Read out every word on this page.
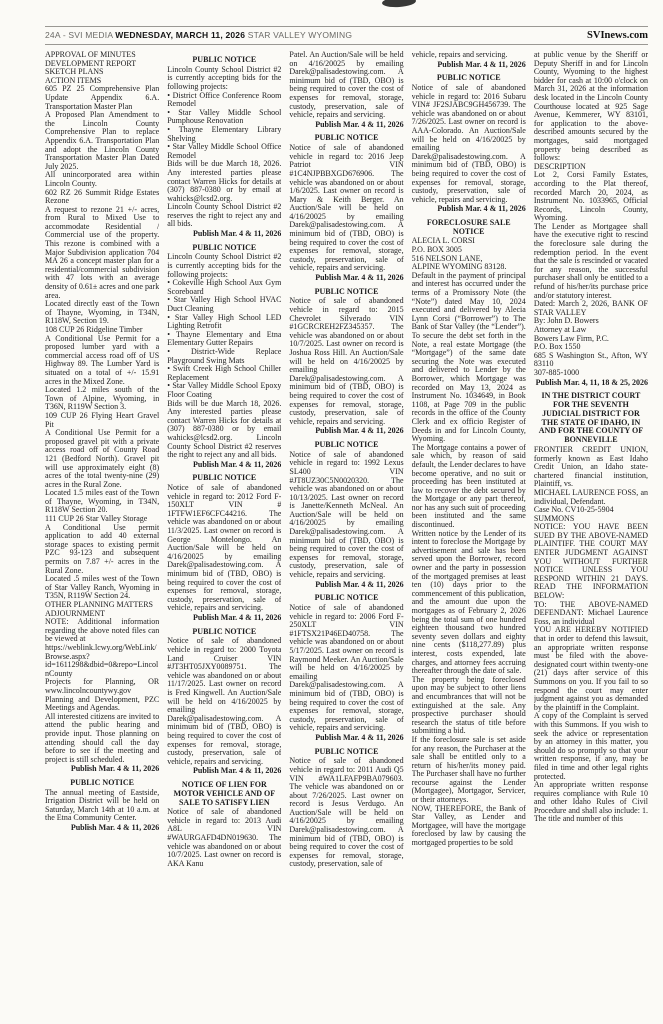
24A - SVI MEDIA WEDNESDAY, MARCH 11, 2026 STAR VALLEY WYOMING	SVInews.com
APPROVAL OF MINUTES
DEVELOPMENT REPORT
SKETCH PLANS
ACTION ITEMS
605 PZ 25 Comprehensive Plan Update Appendix 6.A. Transportation Master Plan
A Proposed Plan Amendment to the Lincoln County Comprehensive Plan to replace Appendix 6.A. Transportation Plan and adopt the Lincoln County Transportation Master Plan Dated July 2025.
All unincorporated area within Lincoln County.
602 RZ 26 Summit Ridge Estates Rezone
A request to rezone 21 +/- acres, from Rural to Mixed Use to accommodate Residential / Commercial use of the property. This rezone is combined with a Major Subdivision application 704 MA 26 a concept master plan for a residential/commercial subdivision with 47 lots with an average density of 0.61± acres and one park area.
Located directly east of the Town of Thayne, Wyoming, in T34N, R118W, Section 19.
108 CUP 26 Ridgeline Timber
A Conditional Use Permit for a proposed lumber yard with a commercial access road off of US Highway 89. The Lumber Yard is situated on a total of +/- 15.91 acres in the Mixed Zone.
Located 1.2 miles south of the Town of Alpine, Wyoming, in T36N, R119W Section 3.
109 CUP 26 Flying Heart Gravel Pit
A Conditional Use Permit for a proposed gravel pit with a private access road off of County Road 121 (Bedford North). Gravel pit will use approximately eight (8) acres of the total twenty-nine (29) acres in the Rural Zone.
Located 1.5 miles east of the Town of Thayne, Wyoming, in T34N, R118W Section 20.
111 CUP 26 Star Valley Storage
A Conditional Use permit application to add 40 external storage spaces to existing permit PZC 93-123 and subsequent permits on 7.87 +/- acres in the Rural Zone.
Located .5 miles west of the Town of Star Valley Ranch, Wyoming in T35N, R119W Section 24.
OTHER PLANNING MATTERS
ADJOURNMENT
NOTE: Additional information regarding the above noted files can be viewed at
https://weblink.lcwy.org/WebLink/Browse.aspx?id=1611298&dbid=0&repo=LincolnCounty
Projects for Planning, OR www.lincolncountywy.gov Planning and Development, PZC Meetings and Agendas.
All interested citizens are invited to attend the public hearing and provide input. Those planning on attending should call the day before to see if the meeting and project is still scheduled.
Publish Mar. 4 & 11, 2026
PUBLIC NOTICE
The annual meeting of Eastside, Irrigation District will be held on Saturday, March 14th at 10 a.m. at the Etna Community Center.
Publish Mar. 4 & 11, 2026
PUBLIC NOTICE
Lincoln County School District #2 is currently accepting bids for the following projects:
• District Office Conference Room Remodel
• Star Valley Middle School Pumphouse Renovation
• Thayne Elementary Library Shelving
• Star Valley Middle School Office Remodel
Bids will be due March 18, 2026. Any interested parties please contact Warren Hicks for details at (307) 887-0380 or by email at wahicks@lcsd2.org.
Lincoln County School District #2 reserves the right to reject any and all bids.
Publish Mar. 4 & 11, 2026
PUBLIC NOTICE
Lincoln County School District #2 is currently accepting bids for the following projects:
• Cokeville High School Aux Gym Scoreboard
• Star Valley High School HVAC Duct Cleaning
• Star Valley High School LED Lighting Retrofit
• Thayne Elementary and Etna Elementary Gutter Repairs
• District-Wide Replace Playground Swing Mats
• Swift Creek High School Chiller Replacement
• Star Valley Middle School Epoxy Floor Coating
Bids will be due March 18, 2026. Any interested parties please contact Warren Hicks for details at (307) 887-0380 or by email wahicks@lcsd2.org. Lincoln County School District #2 reserves the right to reject any and all bids.
Publish Mar. 4 & 11, 2026
PUBLIC NOTICE
Notice of sale of abandoned vehicle in regard to: 2012 Ford F-150XLT VIN # 1FTFW1EF6CFC44216. The vehicle was abandoned on or about 11/3/2025. Last owner on record is George Montelongo. An Auction/Sale will be held on 4/16/20025 by emailing Darek@palisadestowing.com. A minimum bid of (TBD, OBO) is being required to cover the cost of expenses for removal, storage, custody, preservation, sale of vehicle, repairs and servicing.
Publish Mar. 4 & 11, 2026
PUBLIC NOTICE
Notice of sale of abandoned vehicle in regard to: 2000 Toyota Land Cruiser VIN #JT3HT05JXY0089751. The vehicle was abandoned on or about 11/17/2025. Last owner on record is Fred Kingwell. An Auction/Sale will be held on 4/16/20025 by emailing Darek@palisadestowing.com. A minimum bid of (TBD, OBO) is being required to cover the cost of expenses for removal, storage, custody, preservation, sale of vehicle, repairs and servicing.
Publish Mar. 4 & 11, 2026
NOTICE OF LIEN FOR MOTOR VEHICLE AND OF SALE TO SATISFY LIEN
Notice of sale of abandoned vehicle in regard to: 2013 Audi A8L VIN #WAURGAFD4DN019630. The vehicle was abandoned on or about 10/7/2025. Last owner on record is AKA Kanu
Patel. An Auction/Sale will be held on 4/16/20025 by emailing Darek@palisadestowing.com. A minimum bid of (TBD, OBO) is being required to cover the cost of expenses for removal, storage, custody, preservation, sale of vehicle, repairs and servicing.
Publish Mar. 4 & 11, 2026
PUBLIC NOTICE
Notice of sale of abandoned vehicle in regard to: 2016 Jeep Patriot VIN #1C4NJPBBXGD676906. The vehicle was abandoned on or about 1/6/2025. Last owner on record is Mary & Keith Berger. An Auction/Sale will be held on 4/16/20025 by emailing Darek@palisadestowing.com. A minimum bid of (TBD, OBO) is being required to cover the cost of expenses for removal, storage, custody, preservation, sale of vehicle, repairs and servicing.
Publish Mar. 4 & 11, 2026
PUBLIC NOTICE
Notice of sale of abandoned vehicle in regard to: 2015 Chevrolet Silverado VIN #1GCRCREH2FZ345357. The vehicle was abandoned on or about 10/7/2025. Last owner on record is Joshua Ross Hill. An Auction/Sale will be held on 4/16/20025 by emailing Darek@palisadestowing.com. A minimum bid of (TBD, OBO) is being required to cover the cost of expenses for removal, storage, custody, preservation, sale of vehicle, repairs and servicing.
Publish Mar. 4 & 11, 2026
PUBLIC NOTICE
Notice of sale of abandoned vehicle in regard to: 1992 Lexus SL400 VIN #JT8UZ30C5N0020320. The vehicle was abandoned on or about 10/13/2025. Last owner on record is Janette/Kenneth McNeal. An Auction/Sale will be held on 4/16/20025 by emailing Darek@palisadestowing.com. A minimum bid of (TBD, OBO) is being required to cover the cost of expenses for removal, storage, custody, preservation, sale of vehicle, repairs and servicing.
Publish Mar. 4 & 11, 2026
PUBLIC NOTICE
Notice of sale of abandoned vehicle in regard to: 2006 Ford F-250XLT VIN #1FTSX21P46ED40758. The vehicle was abandoned on or about 5/17/2025. Last owner on record is Raymond Meeker. An Auction/Sale will be held on 4/16/20025 by emailing Darek@palisadestowing.com. A minimum bid of (TBD, OBO) is being required to cover the cost of expenses for removal, storage, custody, preservation, sale of vehicle, repairs and servicing.
Publish Mar. 4 & 11, 2026
PUBLIC NOTICE
Notice of sale of abandoned vehicle in regard to: 2011 Audi Q5 VIN #WA1LFAFP9BA079603. The vehicle was abandoned on or about 7/26/2025. Last owner on record is Jesus Verdugo. An Auction/Sale will be held on 4/16/20025 by emailing Darek@palisadestowing.com. A minimum bid of (TBD, OBO) is being required to cover the cost of expenses for removal, storage, custody, preservation, sale of
vehicle, repairs and servicing.
Publish Mar. 4 & 11, 2026
PUBLIC NOTICE
Notice of sale of abandoned vehicle in regard to: 2016 Subaru VIN# JF2SJABC9GH456739. The vehicle was abandoned on or about 7/26/2025. Last owner on record is AAA-Colorado. An Auction/Sale will be held on 4/16/20025 by emailing Darek@palisadestowing.com. A minimum bid of (TBD, OBO) is being required to cover the cost of expenses for removal, storage, custody, preservation, sale of vehicle, repairs and servicing.
Publish Mar. 4 & 11, 2026
FORECLOSURE SALE NOTICE
ALECIA L. CORSI
P.O. BOX 3005
516 NELSON LANE,
ALPINE WYOMING 83128.
Default in the payment of principal and interest has occurred under the terms of a Promissory Note (the “Note”) dated May 10, 2024 executed and delivered by Alecia Lynn Corsi (“Borrower”) to The Bank of Star Valley (the “Lender”). To secure the debt set forth in the Note, a real estate Mortgage (the “Mortgage”) of the same date securing the Note was executed and delivered to Lender by the Borrower, which Mortgage was recorded on May 13, 2024 as Instrument No. 1034649, in Book 1108, at Page 709 in the public records in the office of the County Clerk and ex officio Register of Deeds in and for Lincoln County, Wyoming.
The Mortgage contains a power of sale which, by reason of said default, the Lender declares to have become operative, and no suit or proceeding has been instituted at law to recover the debt secured by the Mortgage or any part thereof, nor has any such suit of proceeding been instituted and the same discontinued.
Written notice by the Lender of its intent to foreclose the Mortgage by advertisement and sale has been served upon the Borrower, record owner and the party in possession of the mortgaged premises at least ten (10) days prior to the commencement of this publication, and the amount due upon the mortgages as of February 2, 2026 being the total sum of one hundred eighteen thousand two hundred seventy seven dollars and eighty nine cents ($118,277.89) plus interest, costs expended, late charges, and attorney fees accruing thereafter through the date of sale.
The property being foreclosed upon may be subject to other liens and encumbrances that will not be extinguished at the sale. Any prospective purchaser should research the status of title before submitting a bid.
If the foreclosure sale is set aside for any reason, the Purchaser at the sale shall be entitled only to a return of his/her/its money paid. The Purchaser shall have no further recourse against the Lender (Mortgagee), Mortgagor, Servicer, or their attorneys.
NOW, THEREFORE, the Bank of Star Valley, as Lender and Mortgagee, will have the mortgage foreclosed by law by causing the mortgaged properties to be sold
at public venue by the Sheriff or Deputy Sheriff in and for Lincoln County, Wyoming to the highest bidder for cash at 10:00 o'clock on March 31, 2026 at the information desk located in the Lincoln County Courthouse located at 925 Sage Avenue, Kemmerer, WY 83101, for application to the above-described amounts secured by the mortgages, said mortgaged property being described as follows:
DESCRIPTION
Lot 2, Corsi Family Estates, according to the Plat thereof, recorded March 20, 2024, as Instrument No. 1033965, Official Records, Lincoln County, Wyoming.
The Lender as Mortgagee shall have the executive right to rescind the foreclosure sale during the redemption period. In the event that the sale is rescinded or vacated for any reason, the successful purchaser shall only be entitled to a refund of his/her/its purchase price and/or statutory interest.
Dated: March 2, 2026, BANK OF STAR VALLEY
By: John D. Bowers
Attorney at Law
Bowers Law Firm, P.C.
P.O. Box 1550
685 S Washington St., Afton, WY 83110
307-885-1000
Publish Mar. 4, 11, 18 & 25, 2026
IN THE DISTRICT COURT FOR THE SEVENTH JUDICIAL DISTRICT FOR THE STATE OF IDAHO, IN AND FOR THE COUNTY OF BONNEVILLE
FRONTIER CREDIT UNION, formerly known as East Idaho Credit Union, an Idaho state-chartered financial institution, Plaintiff, vs.
MICHAEL LAURENCE FOSS, an individual, Defendant.
Case No. CV10-25-5904
SUMMONS
NOTICE: YOU HAVE BEEN SUED BY THE ABOVE-NAMED PLAINTIFF. THE COURT MAY ENTER JUDGMENT AGAINST YOU WITHOUT FURTHER NOTICE UNLESS YOU RESPOND WITHIN 21 DAYS. READ THE INFORMATION BELOW:
TO: THE ABOVE-NAMED DEFENDANT: Michael Laurence Foss, an individual
YOU ARE HEREBY NOTIFIED that in order to defend this lawsuit, an appropriate written response must be filed with the above-designated court within twenty-one (21) days after service of this Summons on you. If you fail to so respond the court may enter judgment against you as demanded by the plaintiff in the Complaint.
A copy of the Complaint is served with this Summons. If you wish to seek the advice or representation by an attorney in this matter, you should do so promptly so that your written response, if any, may be filed in time and other legal rights protected.
An appropriate written response requires compliance with Rule 10 and other Idaho Rules of Civil Procedure and shall also include: 1. The title and number of this
